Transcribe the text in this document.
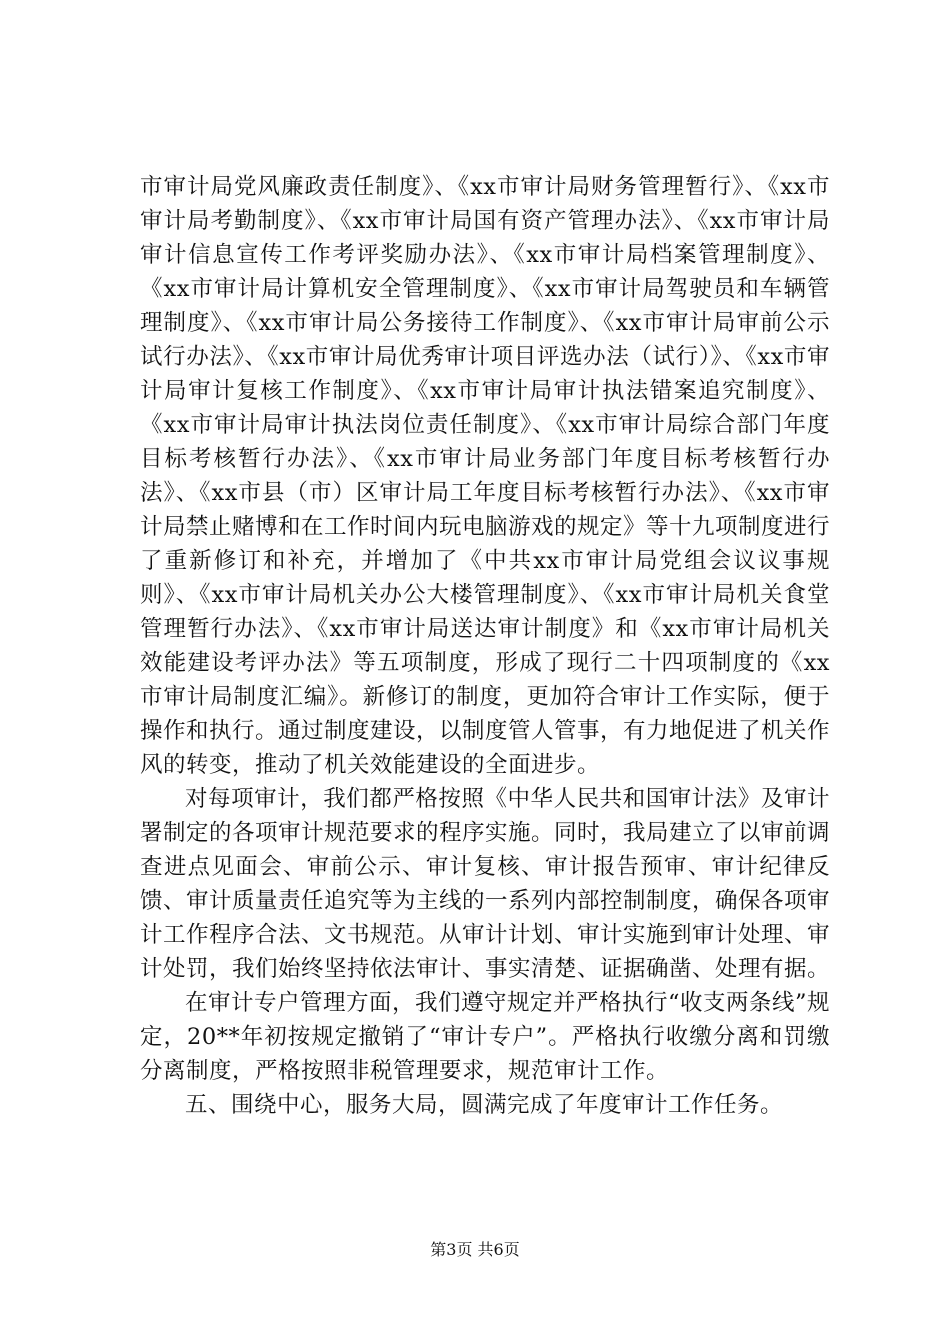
市审计局党风廉政责任制度》、《xx市审计局财务管理暂行》、《xx市审计局考勤制度》、《xx市审计局国有资产管理办法》、《xx市审计局审计信息宣传工作考评奖励办法》、《xx市审计局档案管理制度》、《xx市审计局计算机安全管理制度》、《xx市审计局驾驶员和车辆管理制度》、《xx市审计局公务接待工作制度》、《xx市审计局审前公示试行办法》、《xx市审计局优秀审计项目评选办法（试行）》、《xx市审计局审计复核工作制度》、《xx市审计局审计执法错案追究制度》、《xx市审计局审计执法岗位责任制度》、《xx市审计局综合部门年度目标考核暂行办法》、《xx市审计局业务部门年度目标考核暂行办法》、《xx市县（市）区审计局工年度目标考核暂行办法》、《xx市审计局禁止赌博和在工作时间内玩电脑游戏的规定》等十九项制度进行了重新修订和补充，并增加了《中共xx市审计局党组会议议事规则》、《xx市审计局机关办公大楼管理制度》、《xx市审计局机关食堂管理暂行办法》、《xx市审计局送达审计制度》和《xx市审计局机关效能建设考评办法》等五项制度，形成了现行二十四项制度的《xx市审计局制度汇编》。新修订的制度，更加符合审计工作实际，便于操作和执行。通过制度建设，以制度管人管事，有力地促进了机关作风的转变，推动了机关效能建设的全面进步。

对每项审计，我们都严格按照《中华人民共和国审计法》及审计署制定的各项审计规范要求的程序实施。同时，我局建立了以审前调查进点见面会、审前公示、审计复核、审计报告预审、审计纪律反馈、审计质量责任追究等为主线的一系列内部控制制度，确保各项审计工作程序合法、文书规范。从审计计划、审计实施到审计处理、审计处罚，我们始终坚持依法审计、事实清楚、证据确凿、处理有据。

在审计专户管理方面，我们遵守规定并严格执行“收支两条线”规定，20**年初按规定撤销了“审计专户”。严格执行收缴分离和罚缴分离制度，严格按照非税管理要求，规范审计工作。

五、围绕中心，服务大局，圆满完成了年度审计工作任务。

第3页 共6页
